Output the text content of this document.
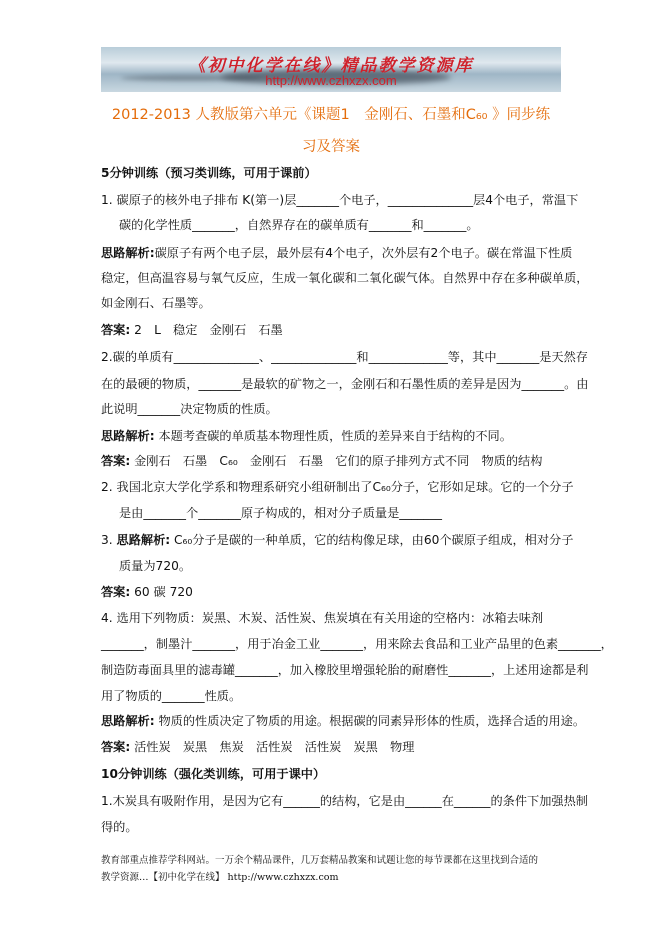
《初中化学在线》精品教学资源库
http://www.czhxzx.com
2012-2013 人教版第六单元《课题1　金刚石、石墨和C₆₀ 》同步练
习及答案
5分钟训练（预习类训练，可用于课前）
1. 碳原子的核外电子排布 K(第一)层_______个电子，______________层4个电子，常温下
碳的化学性质_______，自然界存在的碳单质有_______和_______。
思路解析:碳原子有两个电子层，最外层有4个电子，次外层有2个电子。碳在常温下性质
稳定，但高温容易与氧气反应，生成一氧化碳和二氧化碳气体。自然界中存在多种碳单质，
如金刚石、石墨等。
答案: 2　L　稳定　金刚石　石墨
2.碳的单质有______________、______________和_____________等，其中_______是天然存
在的最硬的物质，_______是最软的矿物之一，金刚石和石墨性质的差异是因为_______。由
此说明_______决定物质的性质。
思路解析: 本题考查碳的单质基本物理性质，性质的差异来自于结构的不同。
答案: 金刚石　石墨　C₆₀　金刚石　石墨　它们的原子排列方式不同　物质的结构
2. 我国北京大学化学系和物理系研究小组研制出了C₆₀分子，它形如足球。它的一个分子
是由_______个_______原子构成的，相对分子质量是_______
3. 思路解析: C₆₀分子是碳的一种单质，它的结构像足球，由60个碳原子组成，相对分子
质量为720。
答案: 60 碳 720
4. 选用下列物质：炭黑、木炭、活性炭、焦炭填在有关用途的空格内：冰箱去味剂
_______，制墨汁_______，用于冶金工业_______，用来除去食品和工业产品里的色素_______，
制造防毒面具里的滤毒罐_______，加入橡胶里增强轮胎的耐磨性_______，上述用途都是利
用了物质的_______性质。
思路解析: 物质的性质决定了物质的用途。根据碳的同素异形体的性质，选择合适的用途。
答案: 活性炭　炭黑　焦炭　活性炭　活性炭　炭黑　物理
10分钟训练（强化类训练，可用于课中）
1.木炭具有吸附作用，是因为它有______的结构，它是由______在______的条件下加强热制
得的。
教育部重点推荐学科网站。一万余个精品课件，几万套精品教案和试题让您的每节课都在这里找到合适的
教学资源…【初中化学在线】 http://www.czhxzx.com
